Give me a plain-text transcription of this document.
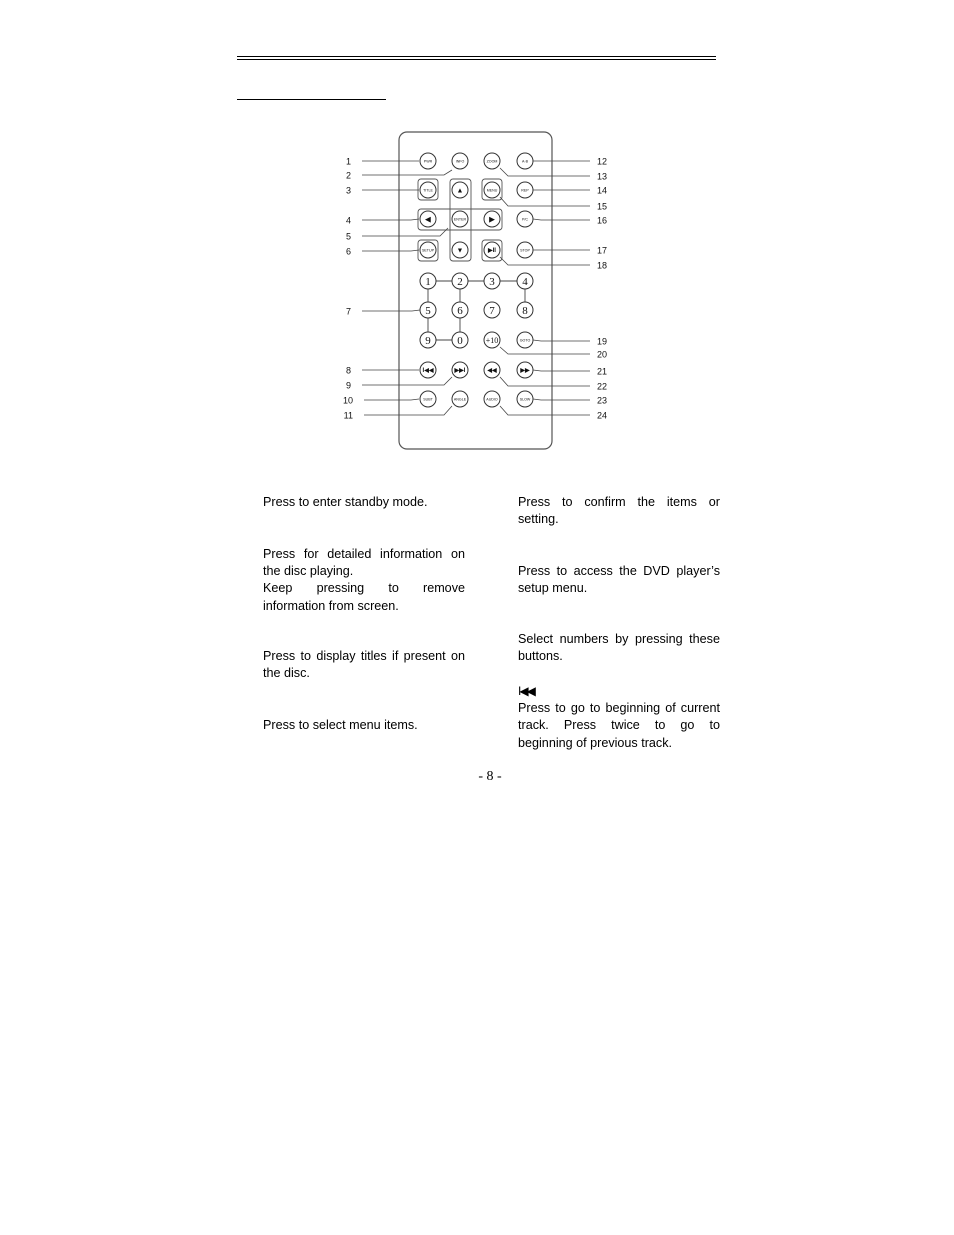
PWR	INFO	ZOOM	A-B
TITLE	▲	MENU	REP
◀	ENTER	▶	P/C
SETUP	▼	▶II	STOP
1 2 3	4
5 6 7	8
9 0	+10	GOTO
I◀◀	▶▶I	◀◀	▶▶
SUBT	ANGLE	AUDIO	SLOW
1
2
3
4
5
6
7
8
9
10
11
12
13
14
15
16
17
18
19
20
21
22
23
24

Press to enter standby mode.

Press for detailed information on the disc playing.

Keep pressing to remove information from screen.

Press to display titles if present on the disc.

Press to select menu items.

Press to confirm the items or setting.

Press to access the DVD player’s setup menu.

Select numbers by pressing these buttons.

I◀◀

Press to go to beginning of current track. Press twice to go to beginning of previous track.

- 8 -
